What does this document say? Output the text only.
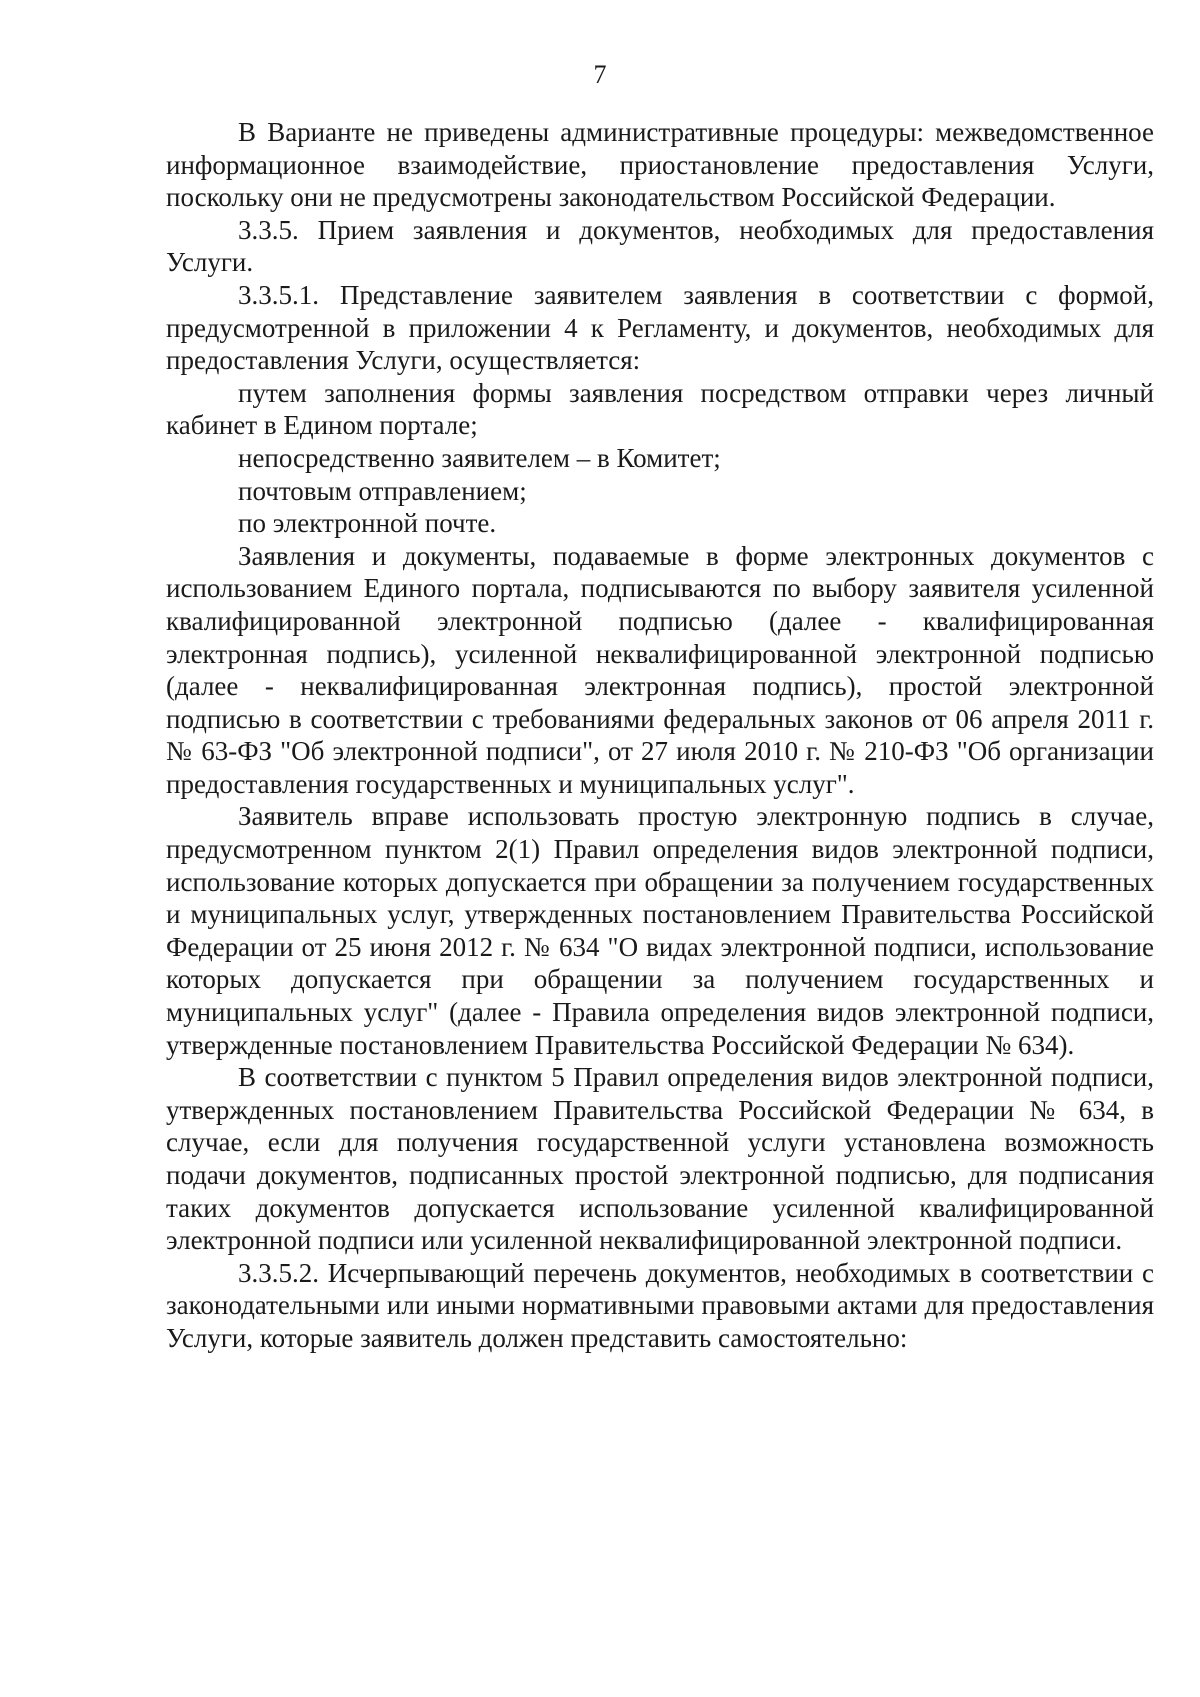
7

В Варианте не приведены административные процедуры: межведомственное информационное взаимодействие, приостановление предоставления Услуги, поскольку они не предусмотрены законодательством Российской Федерации.

3.3.5. Прием заявления и документов, необходимых для предоставления Услуги.

3.3.5.1. Представление заявителем заявления в соответствии с формой, предусмотренной в приложении 4 к Регламенту, и документов, необходимых для предоставления Услуги, осуществляется:

путем заполнения формы заявления посредством отправки через личный кабинет в Едином портале;

непосредственно заявителем – в Комитет;

почтовым отправлением;

по электронной почте.

Заявления и документы, подаваемые в форме электронных документов с использованием Единого портала, подписываются по выбору заявителя усиленной квалифицированной электронной подписью (далее - квалифицированная электронная подпись), усиленной неквалифицированной электронной подписью (далее - неквалифицированная электронная подпись), простой электронной подписью в соответствии с требованиями федеральных законов от 06 апреля 2011 г. № 63-ФЗ "Об электронной подписи", от 27 июля 2010 г. № 210-ФЗ "Об организации предоставления государственных и муниципальных услуг".

Заявитель вправе использовать простую электронную подпись в случае, предусмотренном пунктом 2(1) Правил определения видов электронной подписи, использование которых допускается при обращении за получением государственных и муниципальных услуг, утвержденных постановлением Правительства Российской Федерации от 25 июня 2012 г. № 634 "О видах электронной подписи, использование которых допускается при обращении за получением государственных и муниципальных услуг" (далее - Правила определения видов электронной подписи, утвержденные постановлением Правительства Российской Федерации № 634).

В соответствии с пунктом 5 Правил определения видов электронной подписи, утвержденных постановлением Правительства Российской Федерации № 634, в случае, если для получения государственной услуги установлена возможность подачи документов, подписанных простой электронной подписью, для подписания таких документов допускается использование усиленной квалифицированной электронной подписи или усиленной неквалифицированной электронной подписи.

3.3.5.2. Исчерпывающий перечень документов, необходимых в соответствии с законодательными или иными нормативными правовыми актами для предоставления Услуги, которые заявитель должен представить самостоятельно:
